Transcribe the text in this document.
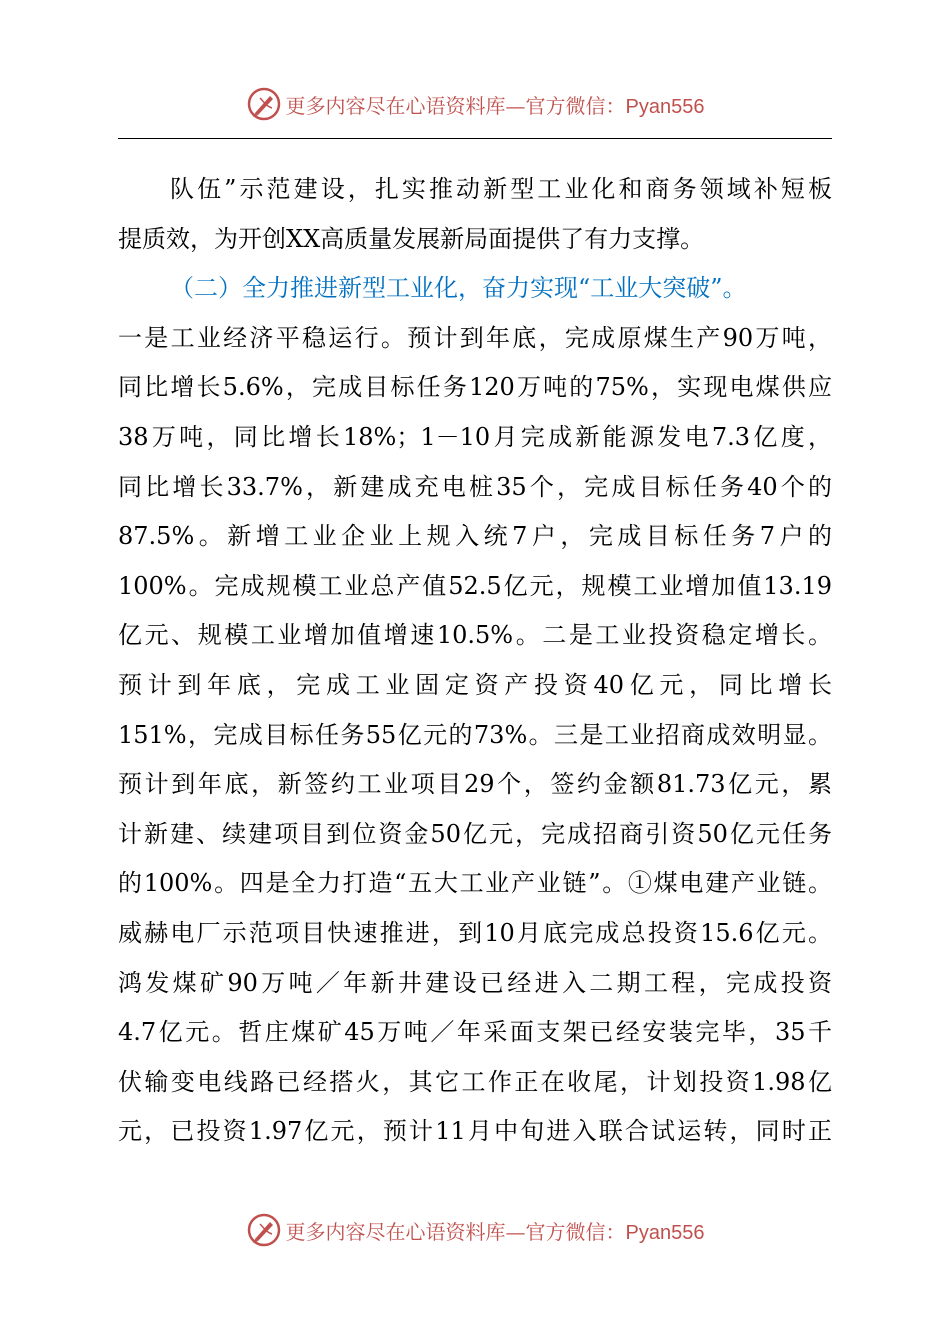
更多内容尽在心语资料库—官方微信：Pyan556
队伍”示范建设，扎实推动新型工业化和商务领域补短板
提质效，为开创XX高质量发展新局面提供了有力支撑。
（二）全力推进新型工业化，奋力实现“工业大突破”。
一是工业经济平稳运行。预计到年底，完成原煤生产90万吨，
同比增长5.6%，完成目标任务120万吨的75%，实现电煤供应
38万吨，同比增长18%；1－10月完成新能源发电7.3亿度，
同比增长33.7%，新建成充电桩35个，完成目标任务40个的
87.5%。新增工业企业上规入统7户，完成目标任务7户的
100%。完成规模工业总产值52.5亿元，规模工业增加值13.19
亿元、规模工业增加值增速10.5%。二是工业投资稳定增长。
预计到年底，完成工业固定资产投资40亿元，同比增长
151%，完成目标任务55亿元的73%。三是工业招商成效明显。
预计到年底，新签约工业项目29个，签约金额81.73亿元，累
计新建、续建项目到位资金50亿元，完成招商引资50亿元任务
的100%。四是全力打造“五大工业产业链”。①煤电建产业链。
威赫电厂示范项目快速推进，到10月底完成总投资15.6亿元。
鸿发煤矿90万吨／年新井建设已经进入二期工程，完成投资
4.7亿元。哲庄煤矿45万吨／年采面支架已经安装完毕，35千
伏输变电线路已经搭火，其它工作正在收尾，计划投资1.98亿
元，已投资1.97亿元，预计11月中旬进入联合试运转，同时正
更多内容尽在心语资料库—官方微信：Pyan556
